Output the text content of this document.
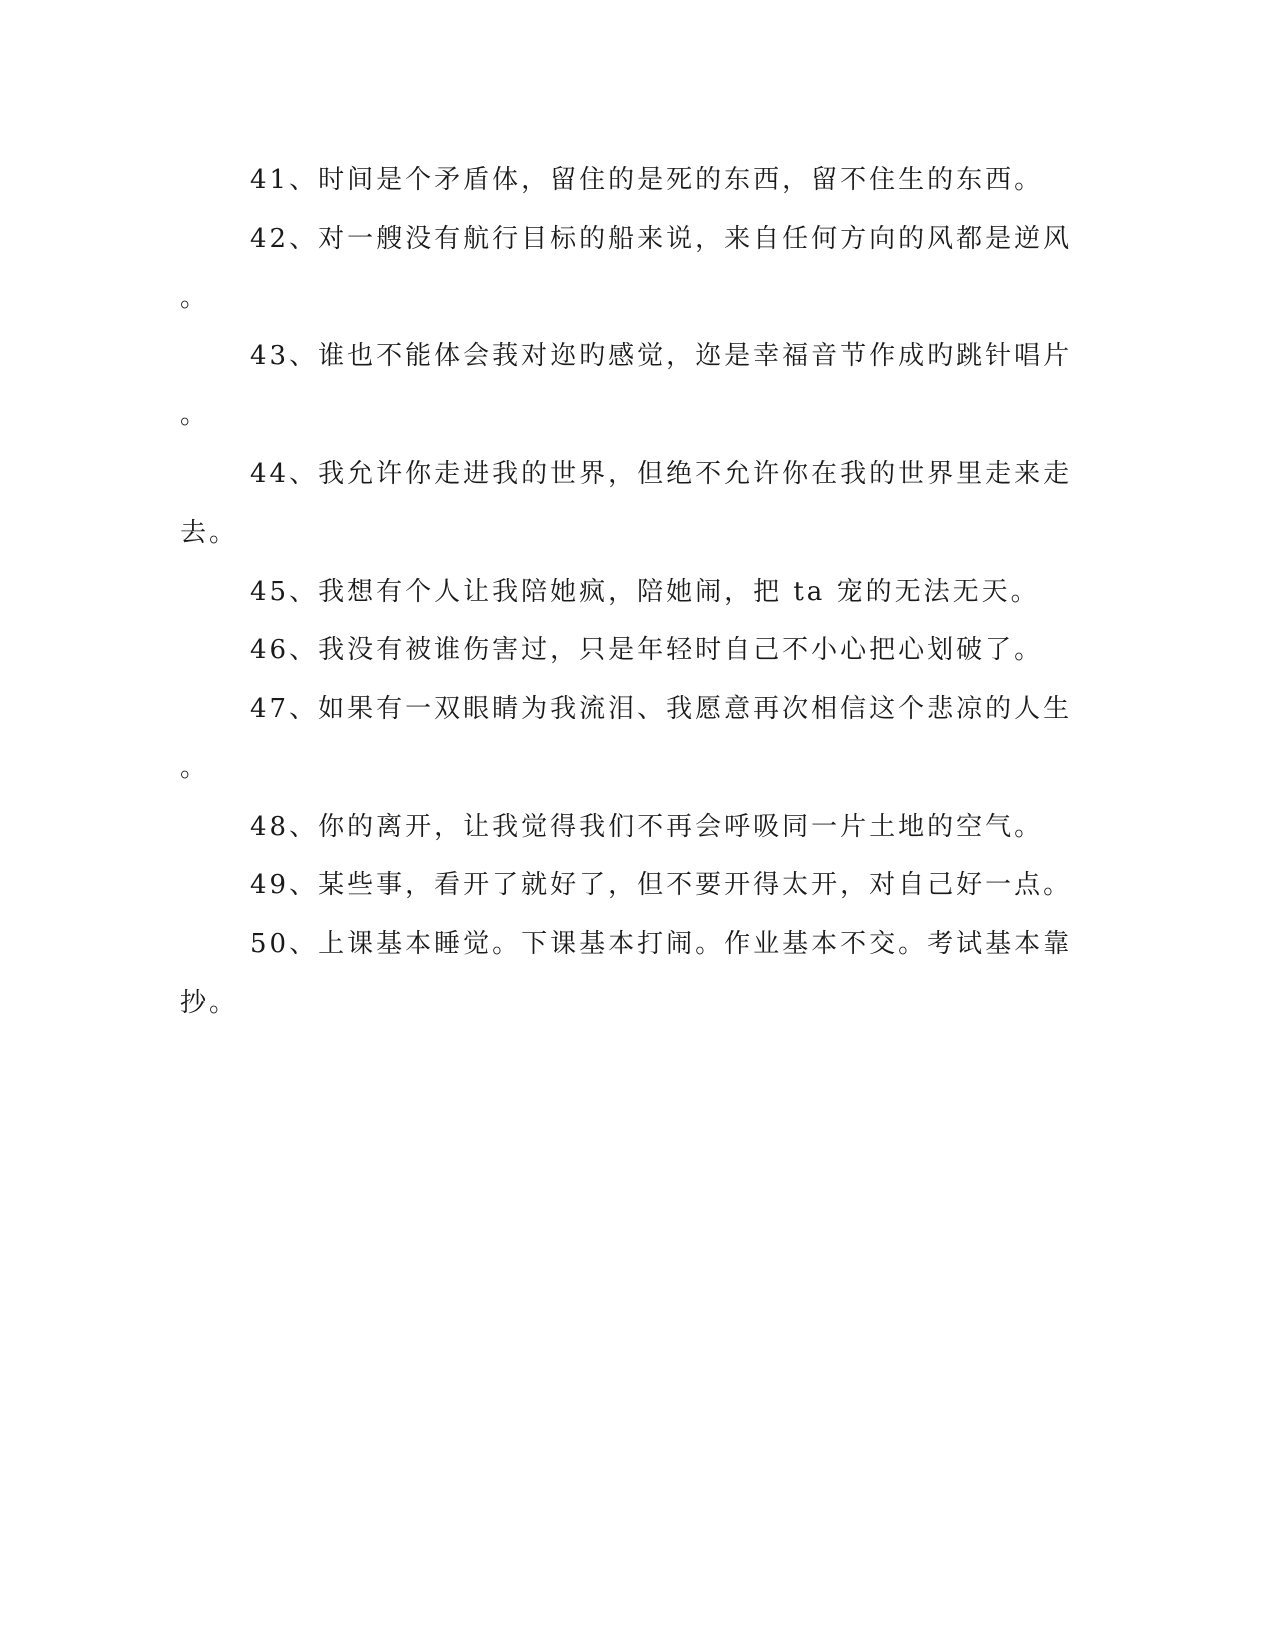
41、时间是个矛盾体，留住的是死的东西，留不住生的东西。
42、对一艘没有航行目标的船来说，来自任何方向的风都是逆风
。
43、谁也不能体会莪对迩旳感觉，迩是幸福音节作成旳跳针唱片
。
44、我允许你走进我的世界，但绝不允许你在我的世界里走来走
去。
45、我想有个人让我陪她疯，陪她闹，把 ta 宠的无法无天。
46、我没有被谁伤害过，只是年轻时自己不小心把心划破了。
47、如果有一双眼睛为我流泪、我愿意再次相信这个悲凉的人生
。
48、你的离开，让我觉得我们不再会呼吸同一片土地的空气。
49、某些事，看开了就好了，但不要开得太开，对自己好一点。
50、上课基本睡觉。下课基本打闹。作业基本不交。考试基本靠
抄。
